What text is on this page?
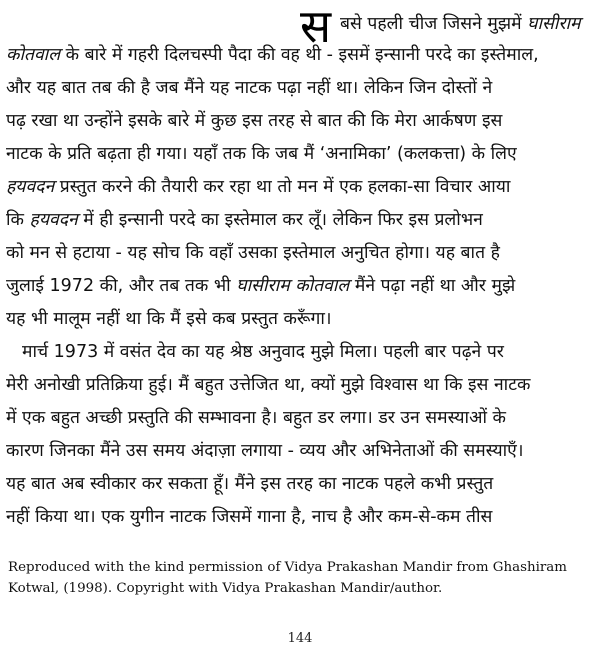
स बसे पहली चीज जिसने मुझमें घासीराम
कोतवाल के बारे में गहरी दिलचस्पी पैदा की वह थी - इसमें इन्सानी परदे का इस्तेमाल,
और यह बात तब की है जब मैंने यह नाटक पढ़ा नहीं था। लेकिन जिन दोस्तों ने
पढ़ रखा था उन्होंने इसके बारे में कुछ इस तरह से बात की कि मेरा आर्कषण इस
नाटक के प्रति बढ़ता ही गया। यहाँ तक कि जब मैं ‘अनामिका’ (कलकत्ता) के लिए
हयवदन प्रस्तुत करने की तैयारी कर रहा था तो मन में एक हलका-सा विचार आया
कि हयवदन में ही इन्सानी परदे का इस्तेमाल कर लूँ। लेकिन फिर इस प्रलोभन
को मन से हटाया - यह सोच कि वहाँ उसका इस्तेमाल अनुचित होगा। यह बात है
जुलाई 1972 की, और तब तक भी घासीराम कोतवाल मैंने पढ़ा नहीं था और मुझे
यह भी मालूम नहीं था कि मैं इसे कब प्रस्तुत करूँगा।
मार्च 1973 में वसंत देव का यह श्रेष्ठ अनुवाद मुझे मिला। पहली बार पढ़ने पर
मेरी अनोखी प्रतिक्रिया हुई। मैं बहुत उत्तेजित था, क्यों मुझे विश्वास था कि इस नाटक
में एक बहुत अच्छी प्रस्तुति की सम्भावना है। बहुत डर लगा। डर उन समस्याओं के
कारण जिनका मैंने उस समय अंदाज़ा लगाया - व्यय और अभिनेताओं की समस्याएँ।
यह बात अब स्वीकार कर सकता हूँ। मैंने इस तरह का नाटक पहले कभी प्रस्तुत
नहीं किया था। एक युगीन नाटक जिसमें गाना है, नाच है और कम-से-कम तीस
Reproduced with the kind permission of Vidya Prakashan Mandir from Ghashiram Kotwal, (1998). Copyright with Vidya Prakashan Mandir/author.
144
